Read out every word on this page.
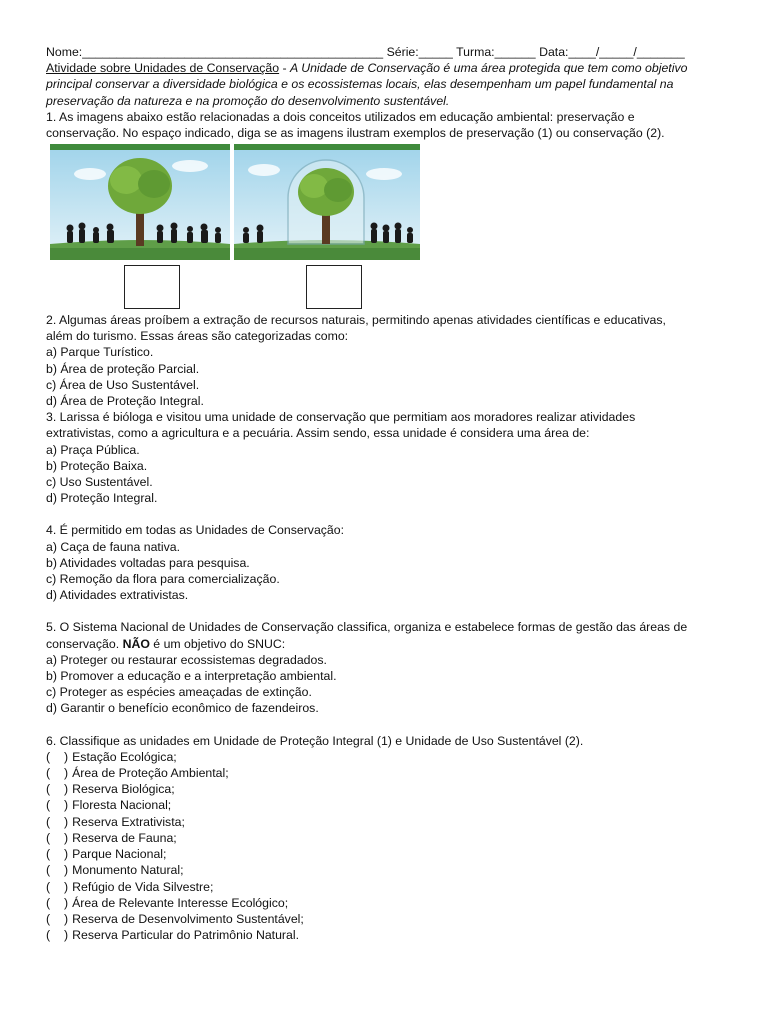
Nome:____________________________________________ Série:_____ Turma:______ Data:____/_____/_______
Atividade sobre Unidades de Conservação - A Unidade de Conservação é uma área protegida que tem como objetivo
principal conservar a diversidade biológica e os ecossistemas locais, elas desempenham um papel fundamental na
preservação da natureza e na promoção do desenvolvimento sustentável.
1. As imagens abaixo estão relacionadas a dois conceitos utilizados em educação ambiental: preservação e
conservação. No espaço indicado, diga se as imagens ilustram exemplos de preservação (1) ou conservação (2).
2. Algumas áreas proíbem a extração de recursos naturais, permitindo apenas atividades científicas e educativas,
além do turismo. Essas áreas são categorizadas como:
a) Parque Turístico.
b) Área de proteção Parcial.
c) Área de Uso Sustentável.
d) Área de Proteção Integral.
3. Larissa é bióloga e visitou uma unidade de conservação que permitiam aos moradores realizar atividades
extrativistas, como a agricultura e a pecuária. Assim sendo, essa unidade é considera uma área de:
a) Praça Pública.
b) Proteção Baixa.
c) Uso Sustentável.
d) Proteção Integral.
4. É permitido em todas as Unidades de Conservação:
a) Caça de fauna nativa.
b) Atividades voltadas para pesquisa.
c) Remoção da flora para comercialização.
d) Atividades extrativistas.
5. O Sistema Nacional de Unidades de Conservação classifica, organiza e estabelece formas de gestão das áreas de
conservação. NÃO é um objetivo do SNUC:
a) Proteger ou restaurar ecossistemas degradados.
b) Promover a educação e a interpretação ambiental.
c) Proteger as espécies ameaçadas de extinção.
d) Garantir o benefício econômico de fazendeiros.
6. Classifique as unidades em Unidade de Proteção Integral (1) e Unidade de Uso Sustentável (2).
( ) Estação Ecológica;
( ) Área de Proteção Ambiental;
( ) Reserva Biológica;
( ) Floresta Nacional;
( ) Reserva Extrativista;
( ) Reserva de Fauna;
( ) Parque Nacional;
( ) Monumento Natural;
( ) Refúgio de Vida Silvestre;
( ) Área de Relevante Interesse Ecológico;
( ) Reserva de Desenvolvimento Sustentável;
( ) Reserva Particular do Patrimônio Natural.
